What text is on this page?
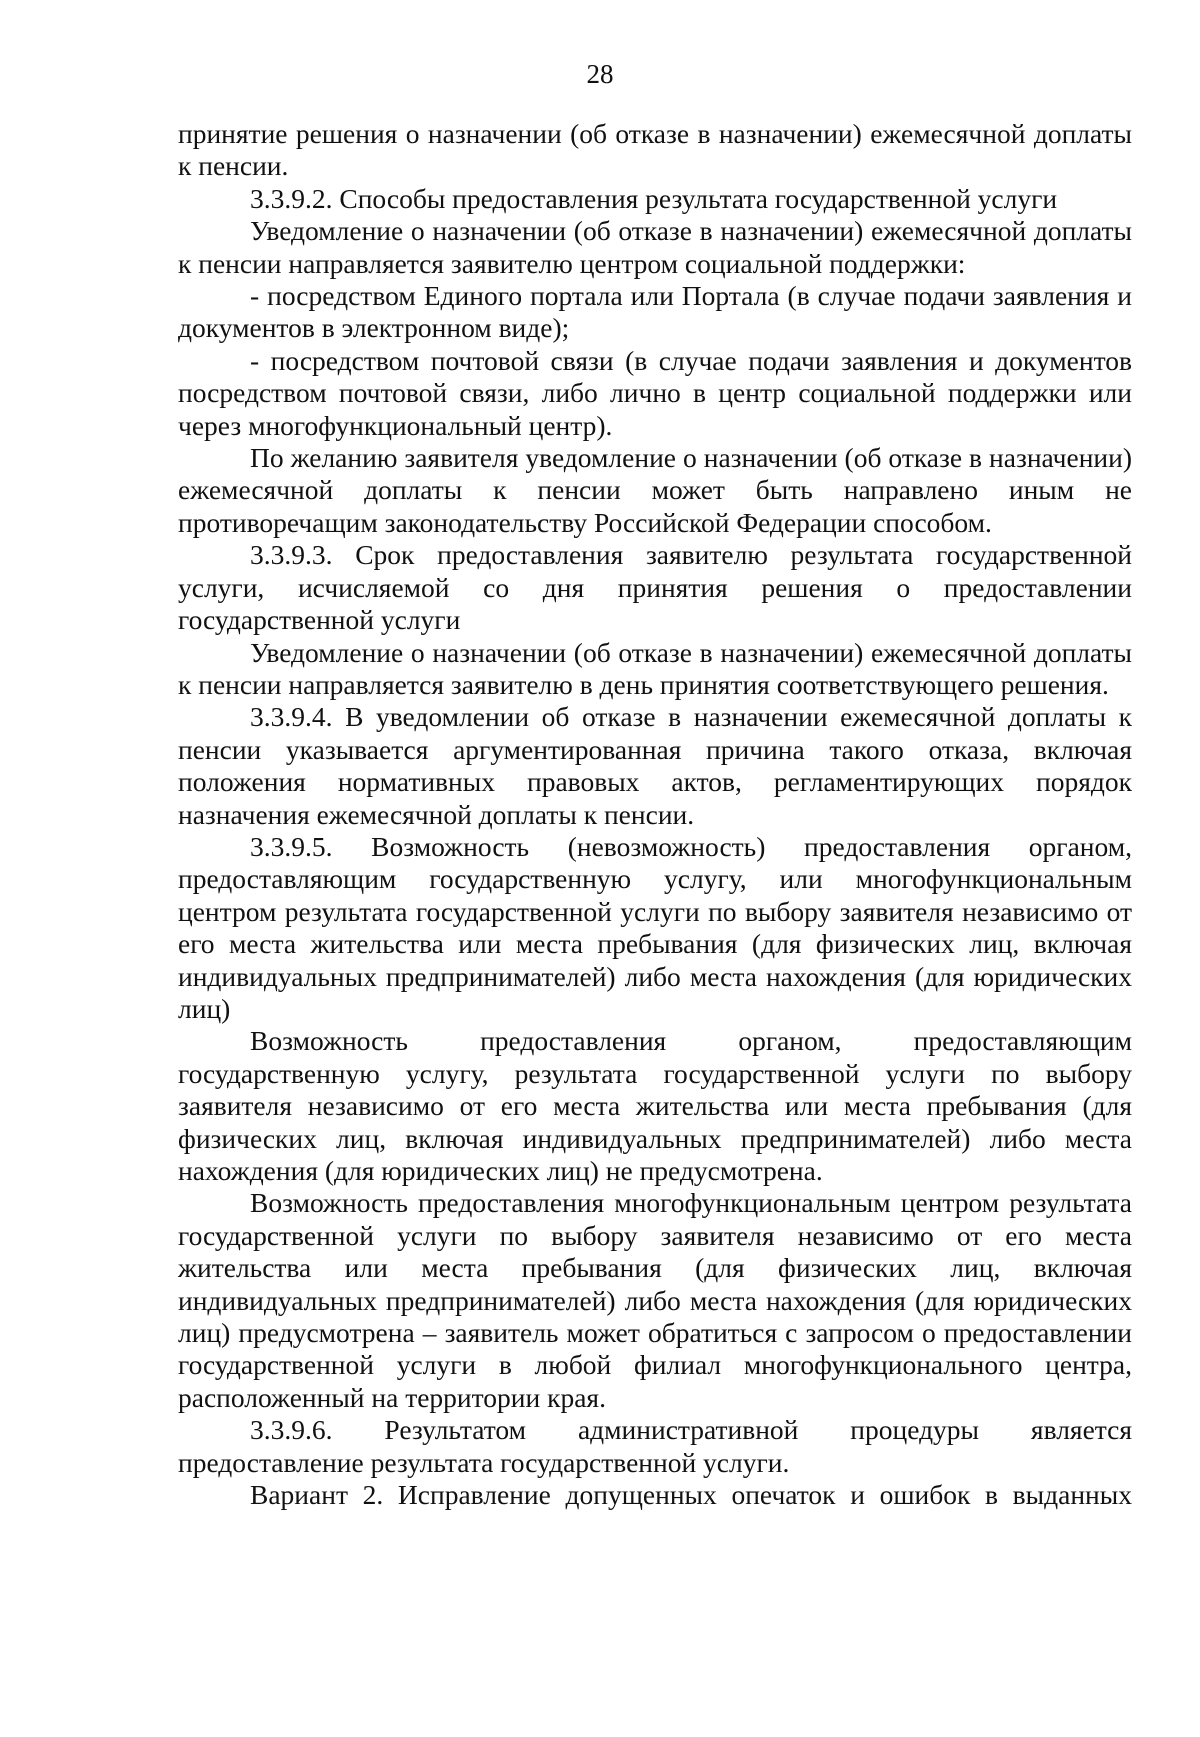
28

принятие решения о назначении (об отказе в назначении) ежемесячной доплаты к пенсии.

3.3.9.2. Способы предоставления результата государственной услуги

Уведомление о назначении (об отказе в назначении) ежемесячной доплаты к пенсии направляется заявителю центром социальной поддержки:

- посредством Единого портала или Портала (в случае подачи заявления и документов в электронном виде);

- посредством почтовой связи (в случае подачи заявления и документов посредством почтовой связи, либо лично в центр социальной поддержки или через многофункциональный центр).

По желанию заявителя уведомление о назначении (об отказе в назначении) ежемесячной доплаты к пенсии может быть направлено иным не противоречащим законодательству Российской Федерации способом.

3.3.9.3. Срок предоставления заявителю результата государственной услуги, исчисляемой со дня принятия решения о предоставлении государственной услуги

Уведомление о назначении (об отказе в назначении) ежемесячной доплаты к пенсии направляется заявителю в день принятия соответствующего решения.

3.3.9.4. В уведомлении об отказе в назначении ежемесячной доплаты к пенсии указывается аргументированная причина такого отказа, включая положения нормативных правовых актов, регламентирующих порядок назначения ежемесячной доплаты к пенсии.

3.3.9.5. Возможность (невозможность) предоставления органом, предоставляющим государственную услугу, или многофункциональным центром результата государственной услуги по выбору заявителя независимо от его места жительства или места пребывания (для физических лиц, включая индивидуальных предпринимателей) либо места нахождения (для юридических лиц)

Возможность предоставления органом, предоставляющим государственную услугу, результата государственной услуги по выбору заявителя независимо от его места жительства или места пребывания (для физических лиц, включая индивидуальных предпринимателей) либо места нахождения (для юридических лиц) не предусмотрена.

Возможность предоставления многофункциональным центром результата государственной услуги по выбору заявителя независимо от его места жительства или места пребывания (для физических лиц, включая индивидуальных предпринимателей) либо места нахождения (для юридических лиц) предусмотрена – заявитель может обратиться с запросом о предоставлении государственной услуги в любой филиал многофункционального центра, расположенный на территории края.

3.3.9.6. Результатом административной процедуры является предоставление результата государственной услуги.

Вариант 2. Исправление допущенных опечаток и ошибок в выданных
